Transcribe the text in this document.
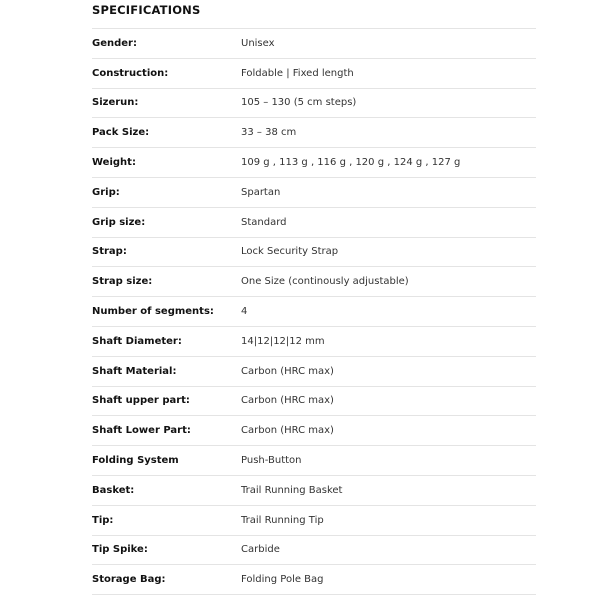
SPECIFICATIONS
Gender:	Unisex
Construction:	Foldable | Fixed length
Sizerun:	105 – 130 (5 cm steps)
Pack Size:	33 – 38 cm
Weight:	109 g , 113 g , 116 g , 120 g , 124 g , 127 g
Grip:	Spartan
Grip size:	Standard
Strap:	Lock Security Strap
Strap size:	One Size (continously adjustable)
Number of segments:	4
Shaft Diameter:	14|12|12|12 mm
Shaft Material:	Carbon (HRC max)
Shaft upper part:	Carbon (HRC max)
Shaft Lower Part:	Carbon (HRC max)
Folding System	Push-Button
Basket:	Trail Running Basket
Tip:	Trail Running Tip
Tip Spike:	Carbide
Storage Bag:	Folding Pole Bag
